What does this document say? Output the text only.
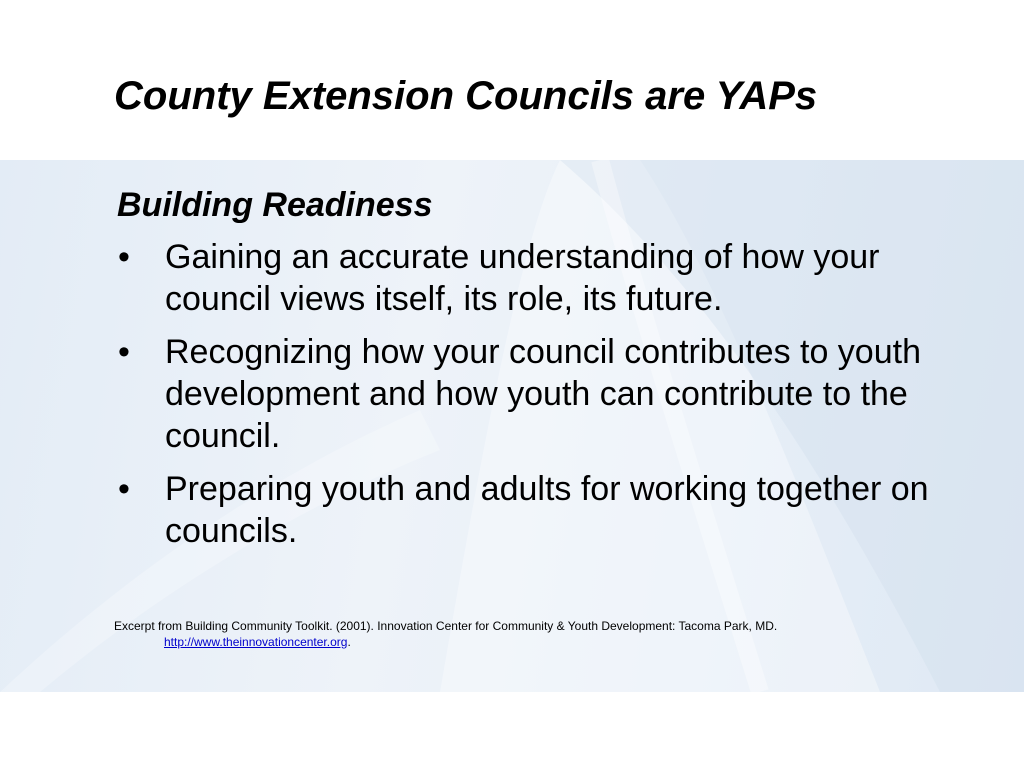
County Extension Councils are YAPs
Building Readiness
• Gaining an accurate understanding of how your council views itself, its role, its future.
• Recognizing how your council contributes to youth development and how youth can contribute to the council.
• Preparing youth and adults for working together on councils.
Excerpt from Building Community Toolkit. (2001). Innovation Center for Community & Youth Development: Tacoma Park, MD.
http://www.theinnovationcenter.org.
